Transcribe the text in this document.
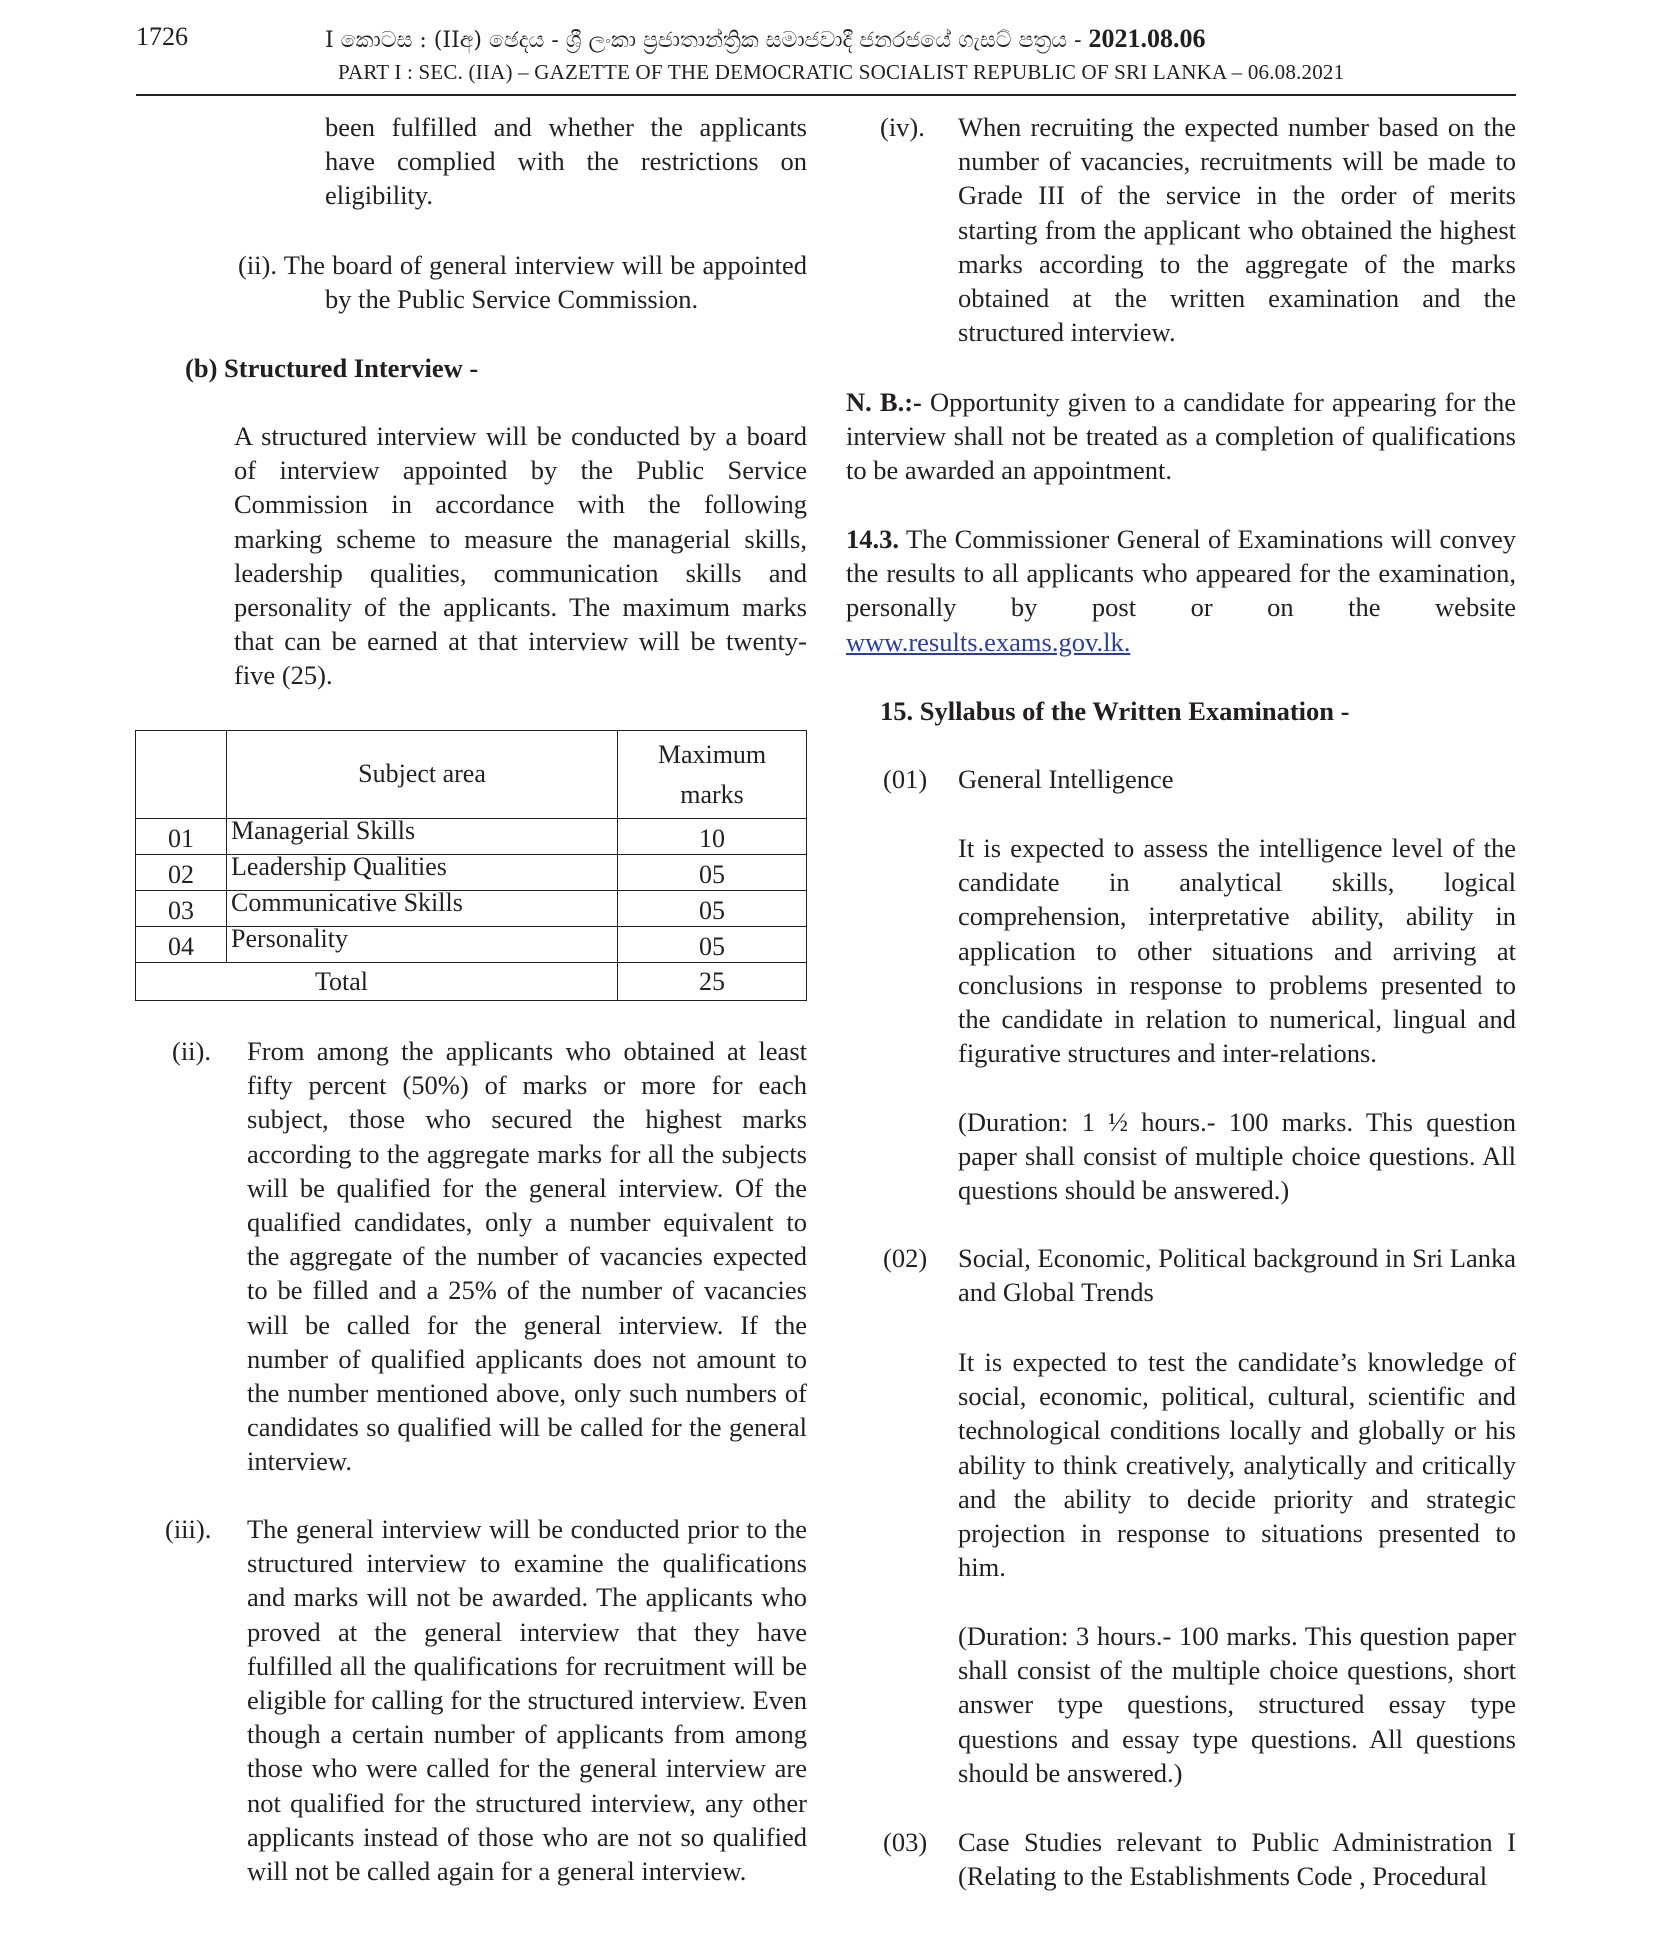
1726	I කොටස : (IIඅ) ඡෙදය - ශ්‍රී ලංකා ප්‍රජාතාන්ත්‍රික සමාජවාදී ජනරජයේ ගැසට් පත්‍රය - 2021.08.06
PART I : SEC. (IIA) – GAZETTE OF THE DEMOCRATIC SOCIALIST REPUBLIC OF SRI LANKA – 06.08.2021
been fulfilled and whether the applicants have complied with the restrictions on eligibility.
(ii). The board of general interview will be appointed
by the Public Service Commission.
(b) Structured Interview -
A structured interview will be conducted by a board of interview appointed by the Public Service Commission in accordance with the following marking scheme to measure the managerial skills, leadership qualities, communication skills and personality of the applicants. The maximum marks that can be earned at that interview will be twenty-five (25).
	Subject area	Maximum
marks

01	Managerial Skills	10
02	Leadership Qualities	05
03	Communicative Skills	05
04	Personality	05
Total		25
(ii). From among the applicants who obtained at least fifty percent (50%) of marks or more for each subject, those who secured the highest marks according to the aggregate marks for all the subjects will be qualified for the general interview. Of the qualified candidates, only a number equivalent to the aggregate of the number of vacancies expected to be filled and a 25% of the number of vacancies will be called for the general interview. If the number of qualified applicants does not amount to the number mentioned above, only such numbers of candidates so qualified will be called for the general interview.
(iii). The general interview will be conducted prior to the structured interview to examine the qualifications and marks will not be awarded. The applicants who proved at the general interview that they have fulfilled all the qualifications for recruitment will be eligible for calling for the structured interview. Even though a certain number of applicants from among those who were called for the general interview are not qualified for the structured interview, any other applicants instead of those who are not so qualified will not be called again for a general interview.
(iv). When recruiting the expected number based on the number of vacancies, recruitments will be made to Grade III of the service in the order of merits starting from the applicant who obtained the highest marks according to the aggregate of the marks obtained at the written examination and the structured interview.
N. B.:- Opportunity given to a candidate for appearing for the interview shall not be treated as a completion of qualifications to be awarded an appointment.
14.3. The Commissioner General of Examinations will convey the results to all applicants who appeared for the examination, personally by post or on the website www.results.exams.gov.lk.
15. Syllabus of the Written Examination -
(01) General Intelligence
It is expected to assess the intelligence level of the candidate in analytical skills, logical comprehension, interpretative ability, ability in application to other situations and arriving at conclusions in response to problems presented to the candidate in relation to numerical, lingual and figurative structures and inter-relations.
(Duration: 1 ½ hours.- 100 marks. This question paper shall consist of multiple choice questions. All questions should be answered.)
(02) Social, Economic, Political background in Sri Lanka and Global Trends
It is expected to test the candidate’s knowledge of social, economic, political, cultural, scientific and technological conditions locally and globally or his ability to think creatively, analytically and critically and the ability to decide priority and strategic projection in response to situations presented to him.
(Duration: 3 hours.- 100 marks. This question paper shall consist of the multiple choice questions, short answer type questions, structured essay type questions and essay type questions. All questions should be answered.)
(03) Case Studies relevant to Public Administration I (Relating to the Establishments Code , Procedural
